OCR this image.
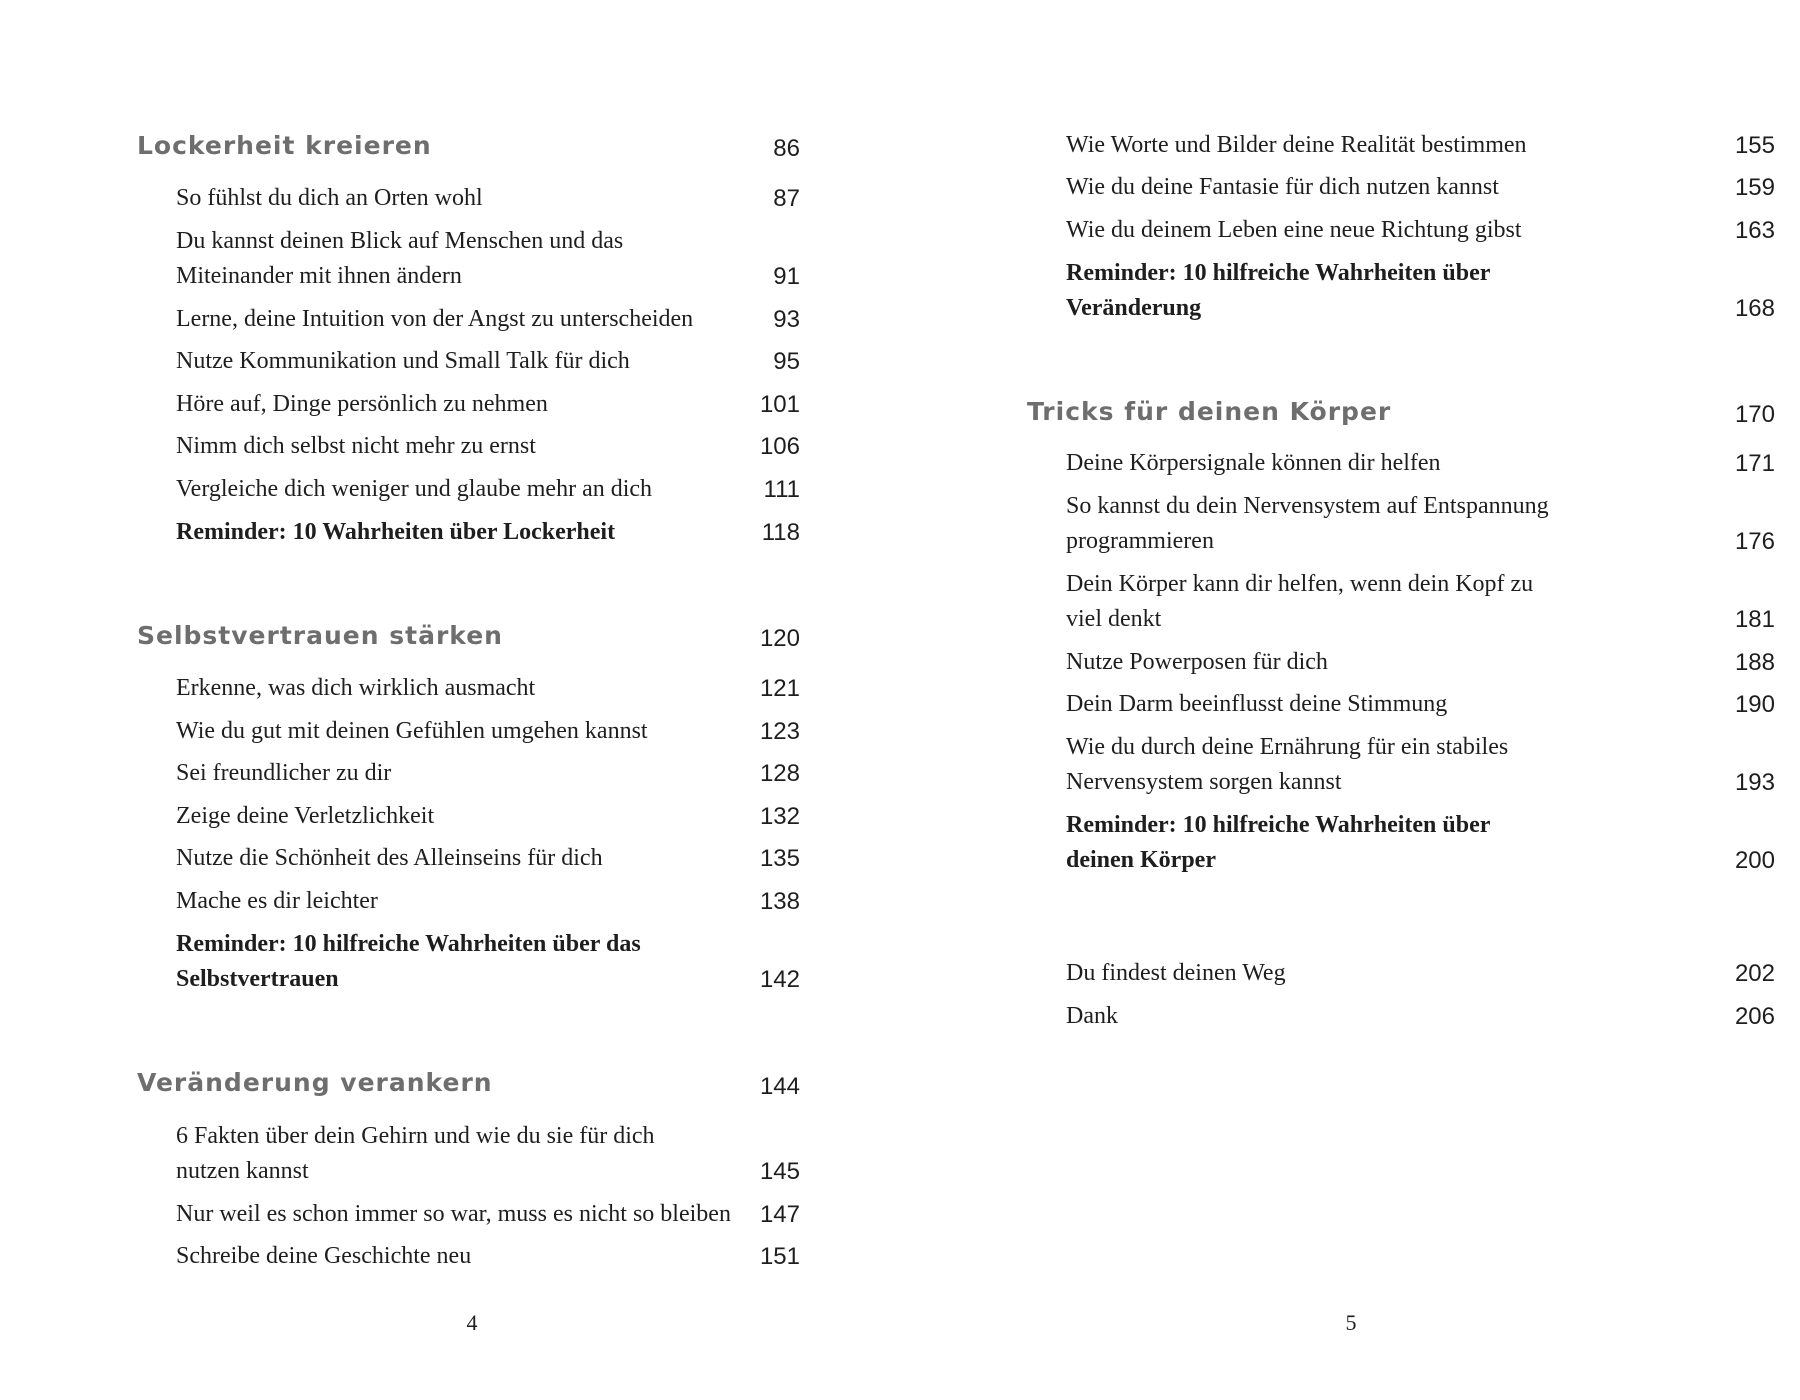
Lockerheit kreieren	86
So fühlst du dich an Orten wohl	87
Du kannst deinen Blick auf Menschen und das
Miteinander mit ihnen ändern	91
Lerne, deine Intuition von der Angst zu unterscheiden	93
Nutze Kommunikation und Small Talk für dich	95
Höre auf, Dinge persönlich zu nehmen	101
Nimm dich selbst nicht mehr zu ernst	106
Vergleiche dich weniger und glaube mehr an dich	111
Reminder: 10 Wahrheiten über Lockerheit	118
Selbstvertrauen stärken	120
Erkenne, was dich wirklich ausmacht	121
Wie du gut mit deinen Gefühlen umgehen kannst	123
Sei freundlicher zu dir	128
Zeige deine Verletzlichkeit	132
Nutze die Schönheit des Alleinseins für dich	135
Mache es dir leichter	138
Reminder: 10 hilfreiche Wahrheiten über das
Selbstvertrauen	142
Veränderung verankern	144
6 Fakten über dein Gehirn und wie du sie für dich
nutzen kannst	145
Nur weil es schon immer so war, muss es nicht so bleiben	147
Schreibe deine Geschichte neu	151
4
Wie Worte und Bilder deine Realität bestimmen	155
Wie du deine Fantasie für dich nutzen kannst	159
Wie du deinem Leben eine neue Richtung gibst	163
Reminder: 10 hilfreiche Wahrheiten über
Veränderung	168
Tricks für deinen Körper	170
Deine Körpersignale können dir helfen	171
So kannst du dein Nervensystem auf Entspannung
programmieren	176
Dein Körper kann dir helfen, wenn dein Kopf zu
viel denkt	181
Nutze Powerposen für dich	188
Dein Darm beeinflusst deine Stimmung	190
Wie du durch deine Ernährung für ein stabiles
Nervensystem sorgen kannst	193
Reminder: 10 hilfreiche Wahrheiten über
deinen Körper	200
Du findest deinen Weg	202
Dank	206
5
